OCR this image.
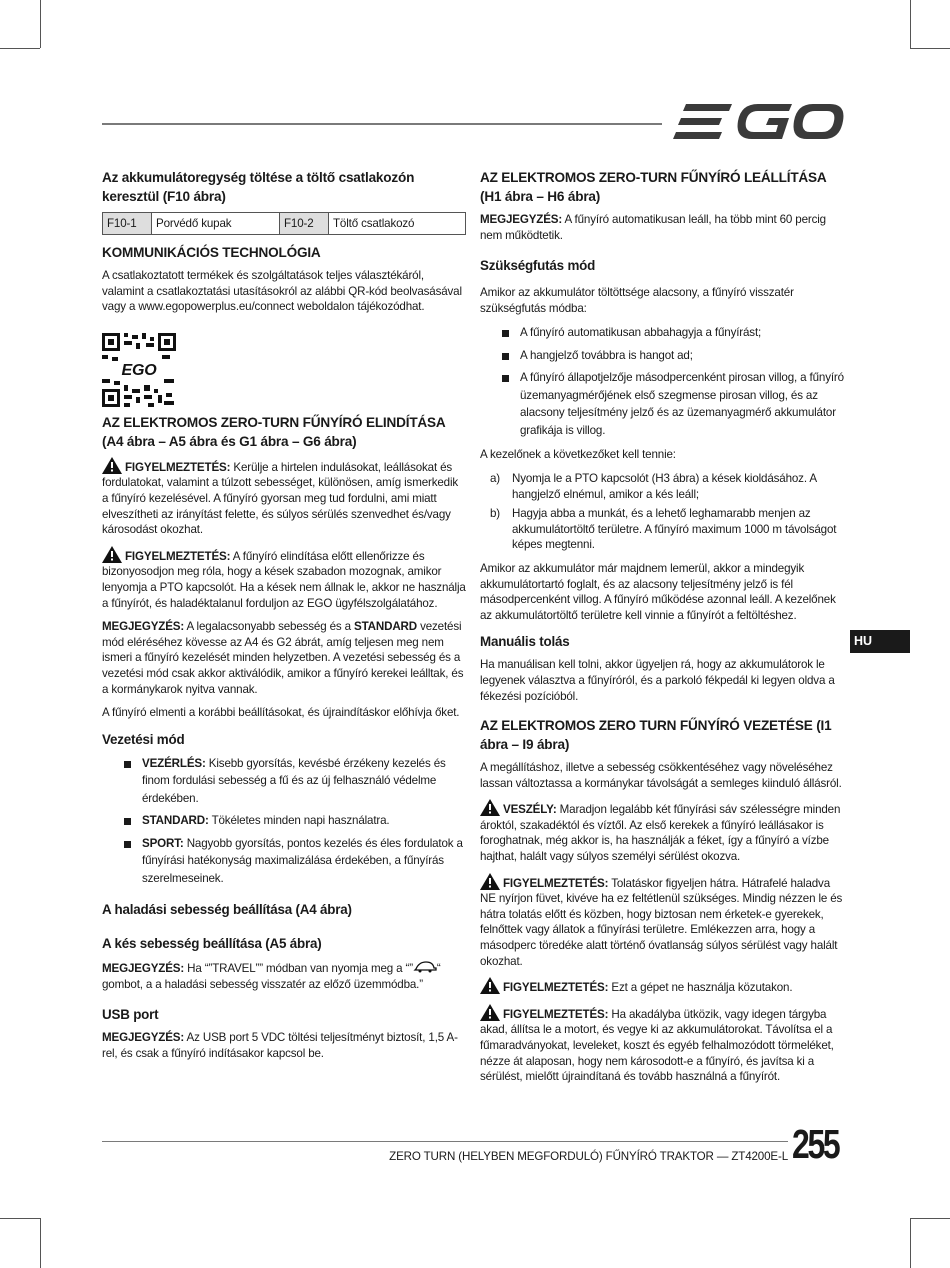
Az akkumulátoregység töltése a töltő csatlakozón keresztül (F10 ábra)
F10-1	Porvédő kupak	F10-2	Töltő csatlakozó
KOMMUNIKÁCIÓS TECHNOLÓGIA

A csatlakoztatott termékek és szolgáltatások teljes választékáról, valamint a csatlakoztatási utasításokról az alábbi QR-kód beolvasásával vagy a www.egopowerplus.eu/connect weboldalon tájékozódhat.

EGO
AZ ELEKTROMOS ZERO-TURN FŰNYÍRÓ ELINDÍTÁSA (A4 ábra – A5 ábra és G1 ábra – G6 ábra)

FIGYELMEZTETÉS: Kerülje a hirtelen indulásokat, leállásokat és fordulatokat, valamint a túlzott sebességet, különösen, amíg ismerkedik a fűnyíró kezelésével. A fűnyíró gyorsan meg tud fordulni, ami miatt elveszítheti az irányítást felette, és súlyos sérülés szenvedhet és/vagy károsodást okozhat.

FIGYELMEZTETÉS: A fűnyíró elindítása előtt ellenőrizze és bizonyosodjon meg róla, hogy a kések szabadon mozognak, amikor lenyomja a PTO kapcsolót. Ha a kések nem állnak le, akkor ne használja a fűnyírót, és haladéktalanul forduljon az EGO ügyfélszolgálatához.

MEGJEGYZÉS: A legalacsonyabb sebesség és a STANDARD vezetési mód eléréséhez kövesse az A4 és G2 ábrát, amíg teljesen meg nem ismeri a fűnyíró kezelését minden helyzetben. A vezetési sebesség és a vezetési mód csak akkor aktiválódik, amikor a fűnyíró kerekei leálltak, és a kormánykarok nyitva vannak.

A fűnyíró elmenti a korábbi beállításokat, és újraindításkor előhívja őket.

Vezetési mód
VEZÉRLÉS: Kisebb gyorsítás, kevésbé érzékeny kezelés és finom fordulási sebesség a fű és az új felhasználó védelme érdekében.
STANDARD: Tökéletes minden napi használatra.
SPORT: Nagyobb gyorsítás, pontos kezelés és éles fordulatok a fűnyírási hatékonyság maximalizálása érdekében, a fűnyírás szerelmeseinek.
A haladási sebesség beállítása (A4 ábra)
A kés sebesség beállítása (A5 ábra)

MEGJEGYZÉS: Ha “”TRAVEL”” módban van nyomja meg a “” “ gombot, a a haladási sebesség visszatér az előző üzemmódba.”

USB port

MEGJEGYZÉS: Az USB port 5 VDC töltési teljesítményt biztosít, 1,5 A-rel, és csak a fűnyíró indításakor kapcsol be.

AZ ELEKTROMOS ZERO-TURN FŰNYÍRÓ LEÁLLÍTÁSA (H1 ábra – H6 ábra)

MEGJEGYZÉS: A fűnyíró automatikusan leáll, ha több mint 60 percig nem működtetik.

Szükségfutás mód

Amikor az akkumulátor töltöttsége alacsony, a fűnyíró visszatér szükségfutás módba:

A fűnyíró automatikusan abbahagyja a fűnyírást;
A hangjelző továbbra is hangot ad;
A fűnyíró állapotjelzője másodpercenként pirosan villog, a fűnyíró üzemanyagmérőjének első szegmense pirosan villog, és az alacsony teljesítmény jelző és az üzemanyagmérő akkumulátor grafikája is villog.

A kezelőnek a következőket kell tennie:

a) Nyomja le a PTO kapcsolót (H3 ábra) a kések kioldásához. A hangjelző elnémul, amikor a kés leáll;
b) Hagyja abba a munkát, és a lehető leghamarabb menjen az akkumulátortöltő területre. A fűnyíró maximum 1000 m távolságot képes megtenni.

Amikor az akkumulátor már majdnem lemerül, akkor a mindegyik akkumulátortartó foglalt, és az alacsony teljesítmény jelző is fél másodpercenként villog. A fűnyíró működése azonnal leáll. A kezelőnek az akkumulátortöltő területre kell vinnie a fűnyírót a feltöltéshez.

Manuális tolás

Ha manuálisan kell tolni, akkor ügyeljen rá, hogy az akkumulátorok le legyenek választva a fűnyíróról, és a parkoló fékpedál ki legyen oldva a fékezési pozícióból.

AZ ELEKTROMOS ZERO TURN FŰNYÍRÓ VEZETÉSE (I1 ábra – I9 ábra)

A megállításhoz, illetve a sebesség csökkentéséhez vagy növeléséhez lassan változtassa a kormánykar távolságát a semleges kiinduló állásról.

VESZÉLY: Maradjon legalább két fűnyírási sáv szélességre minden ároktól, szakadéktól és víztől. Az első kerekek a fűnyíró leállásakor is foroghatnak, még akkor is, ha használják a féket, így a fűnyíró a vízbe hajthat, halált vagy súlyos személyi sérülést okozva.

FIGYELMEZTETÉS: Tolatáskor figyeljen hátra. Hátrafelé haladva NE nyírjon füvet, kivéve ha ez feltétlenül szükséges. Mindig nézzen le és hátra tolatás előtt és közben, hogy biztosan nem érketek-e gyerekek, felnőttek vagy állatok a fűnyírási területre. Emlékezzen arra, hogy a másodperc töredéke alatt történő óvatlanság súlyos sérülést vagy halált okozhat.

FIGYELMEZTETÉS: Ezt a gépet ne használja közutakon.

FIGYELMEZTETÉS: Ha akadályba ütközik, vagy idegen tárgyba akad, állítsa le a motort, és vegye ki az akkumulátorokat. Távolítsa el a fűmaradványokat, leveleket, koszt és egyéb felhalmozódott törmeléket, nézze át alaposan, hogy nem károsodott-e a fűnyíró, és javítsa ki a sérülést, mielőtt újraindítaná és tovább használná a fűnyírót.

HU
ZERO TURN (HELYBEN MEGFORDULÓ) FŰNYÍRÓ TRAKTOR — ZT4200E-L 255
